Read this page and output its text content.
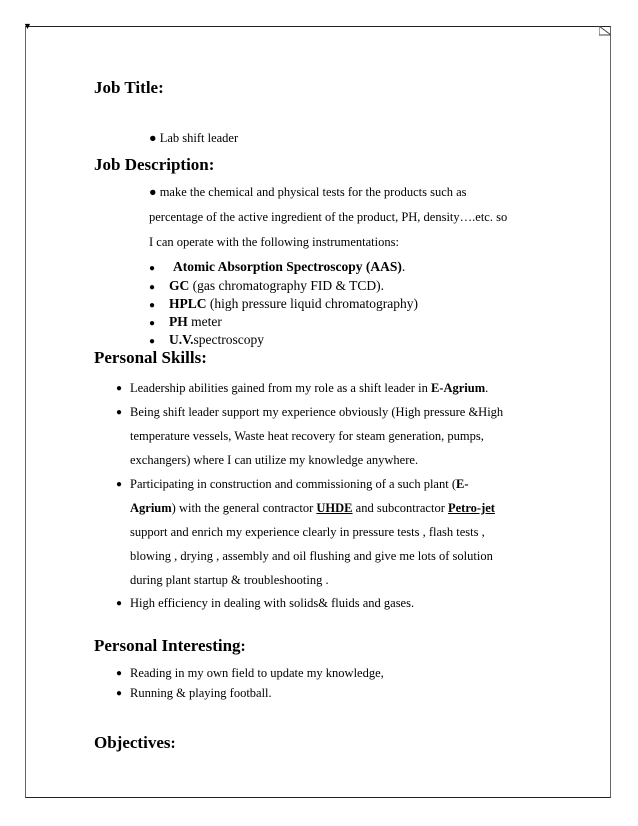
▼
Job Title:
● Lab shift leader
Job Description:
● make the chemical and physical tests for the products such as
percentage of the active ingredient of the product, PH, density….etc. so
I can operate with the following instrumentations:
● Atomic Absorption Spectroscopy (AAS).
● GC (gas chromatography FID & TCD).
● HPLC (high pressure liquid chromatography)
● PH meter
● U.V.spectroscopy
Personal Skills:
● Leadership abilities gained from my role as a shift leader in E-Agrium.
● Being shift leader support my experience obviously (High pressure &High
temperature vessels, Waste heat recovery for steam generation, pumps,
exchangers) where I can utilize my knowledge anywhere.
● Participating in construction and commissioning of a such plant (E-
Agrium) with the general contractor UHDE and subcontractor Petro-jet
support and enrich my experience clearly in pressure tests , flash tests ,
blowing , drying , assembly and oil flushing and give me lots of solution
during plant startup & troubleshooting .
● High efficiency in dealing with solids& fluids and gases.
Personal Interesting:
● Reading in my own field to update my knowledge,
● Running & playing football.
Objectives:
